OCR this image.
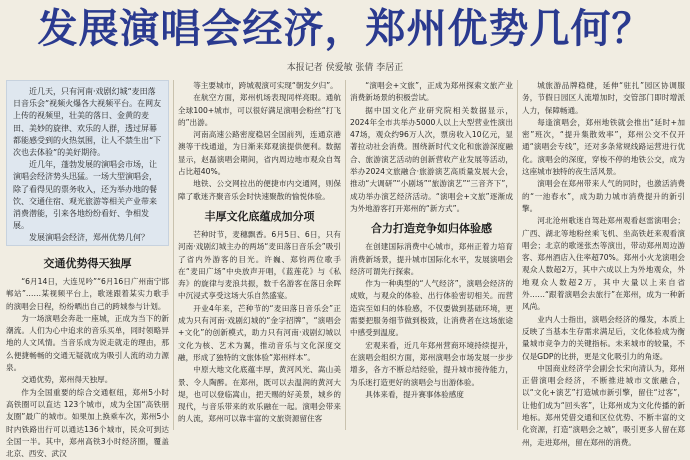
发展演唱会经济，郑州优势几何？
本报记者 侯爱敏 张倩 李居正

近几天，只有河南·戏剧幻城“麦田落日音乐会”视频火爆各大视频平台。在网友上传的视频里，壮美的落日、金黄的麦田、美妙的旋律、欢乐的人群，透过屏幕都能感受到的火热氛围，让人不禁生出“下次也去体验”的美好期待。

近几年，蓬勃发展的演唱会市场，让演唱会经济势头迅猛。一场大型演唱会，除了看得见的票务收入，还为举办地的餐饮、交通住宿、观光旅游等相关产业带来消费潜能，引来各地纷纷看好、争相发展。

发展演唱会经济，郑州优势几何？

交通优势得天独厚

“6月14日，大连见吟”“6月16日广州南宁邯郸站”……某视频平台上，歌迷跟着某实力歌手的演唱会日程，纷纷晒出自己的跨城参与计划。

为一场演唱会奔赴一座城，正成为当下的新潮流。人们为心中追求的音乐买单，同时领略异地的人文风情。当音乐成为说走就走的理由，那么便捷畅畅的交通无疑就成为吸引人流的动力源泉。

交通优势，郑州得天独厚。

作为全国重要的综合交通枢纽，郑州5小时高铁圈可以直达 123个城市，成为全国“高铁朋友圈”最广的城市。如果加上换乘车次，郑州5小时内铁路出行可以通达136个城市，民众可到达全国一半。其中，郑州高铁3小时经济圈，覆盖北京、西安、武汉

等主要城市，跨城观演可实现“朝发夕归”。

在航空方面，郑州机场表现同样亮眼。通航全球100+城市，可以很好满足演唱会粉丝“打飞的”出游。

河南高速公路密度稳居全国前列，连通京港澳等干线通道，为日渐来郑观演提供便利。数据显示，赵磊演唱会期间，省内周边地市观众自驾占比超40%。

地铁、公交网拉出的便捷市内交通网，则保障了歌迷齐聚音乐会时快速聚散的愉悦体验。

丰厚文化底蕴成加分项

芒种时节，麦穗飘香。6月5日、6日，只有河南·戏剧幻城主办的两场“麦田落日音乐会”吸引了省内外游客的目光。许巍、郑钧两位歌手在“麦田广场”中央放声开唱，《蓝莲花》与《私奔》的旋律与麦浪共振，数千名游客在落日余晖中沉浸式享受这场大乐自然盛宴。

开业4年来，芒种节的“麦田落日音乐会”正成为只有河南·戏剧幻城的“金字招牌”，“演唱会+文化”的创新模式，助力只有河南·戏剧幻城以文化为核、艺术为翼，推动音乐与文化深度交融，形成了独特的文旅体验“郑州样本”。

中原大地文化底蕴丰厚，黄河风光、嵩山美景、令人陶醉。在郑州，既可以去温润的黄河大堤，也可以登临嵩山，把天赐的好美景，城乡的现代，与音乐带来的欢乐融在一起。演唱会带来的人流，郑州可以靠丰富的文旅资源留住客

“演唱会+文旅”，正成为郑州探索文旅产业消费新场景的积极尝试。

据中国文化产业研究院相关数据显示，2024年全市共举办5000人以上大型营业性演出47场，观众约96万人次，票房收入10亿元，显著拉动社会消费。围绕新时代文化和旅游深度融合、旅游演艺活动的创新营收产业发展等活动，举办2024文旅融合·旅游演艺高质量发展大会，推动“大调研”“小剧场”“旅游演艺”“三音齐下”，成功举办演艺经济活动。“演唱会+文旅”逐渐成为外地游客打开郑州的“新方式”。

合力打造竞争如归体验感

在创建国际消费中心城市，郑州正着力培育消费新场景，提升城市国际化水平，发展演唱会经济可谓先行探索。

作为一种典型的“人气经济”，演唱会经济的成败，与观众的体验、出行体验密切相关。而营造宾至如归的体验感，不仅要做到基础环境，更需要把服务细节做到极致，让消费者在这场旅途中感受到温度。

宏观来看，近几年郑州营商环境持续提升，在演唱会组织方面，郑州演唱会市场发展一步步增多，各方不断总结经验，提升城市接待能力，为乐迷打造更好的演唱会与出游体验。

具体来看，提升赛事体验感度

城旅游品牌稳健，延伸“驻扎”园区协调服务，节假日园区人流增加时，交管部门即时增派人力，保障畅通。

每逢演唱会，郑州地铁就会推出“延时+加密”班次，“提升集散效率”，郑州公交不仅开通“演唱会专线”，还对多条常规线路运营进行优化。演唱会的深度，穿梭不停的地铁公交，成为这座城市独特的夜生活风景。

演唱会在郑州带来人气的同时，也激活消费的“一池春水”，成为助力城市消费提升的新引擎。

河北沧州歌迷自驾赴郑州观看赵雷演唱会；广西、湖北等地粉丝乘飞机、坐高铁赶来观看演唱会；北京的歌迷张杰等演出，带动郑州周边游客、郑州酒店入住率超70%。郑州小火龙演唱会观众人数超2万，其中六成以上为外地观众，外地观众人数超2万，其中大量以上来自省外……“跟着演唱会去旅行”在郑州，成为一种新风尚。

业内人士指出，演唱会经济的爆发，本质上反映了当基本生存需求满足后，文化体验成为衡量城市竞争力的关键指标。未来城市的较量，不仅是GDP的比拼，更是文化吸引力的角逐。

中国商业经济学会副会长宋向清认为，郑州正借演唱会经济，不断推进城市文旅融合，以“文化+演艺”打造城市新引擎，留住“过客”，让他们成为“回头客”，让郑州成为文化传播的新地标。郑州凭借交通和区位优势、不断丰富的文化资源，打造“演唱会之城”，吸引更多人留在郑州，走进郑州，留在郑州的消费。
